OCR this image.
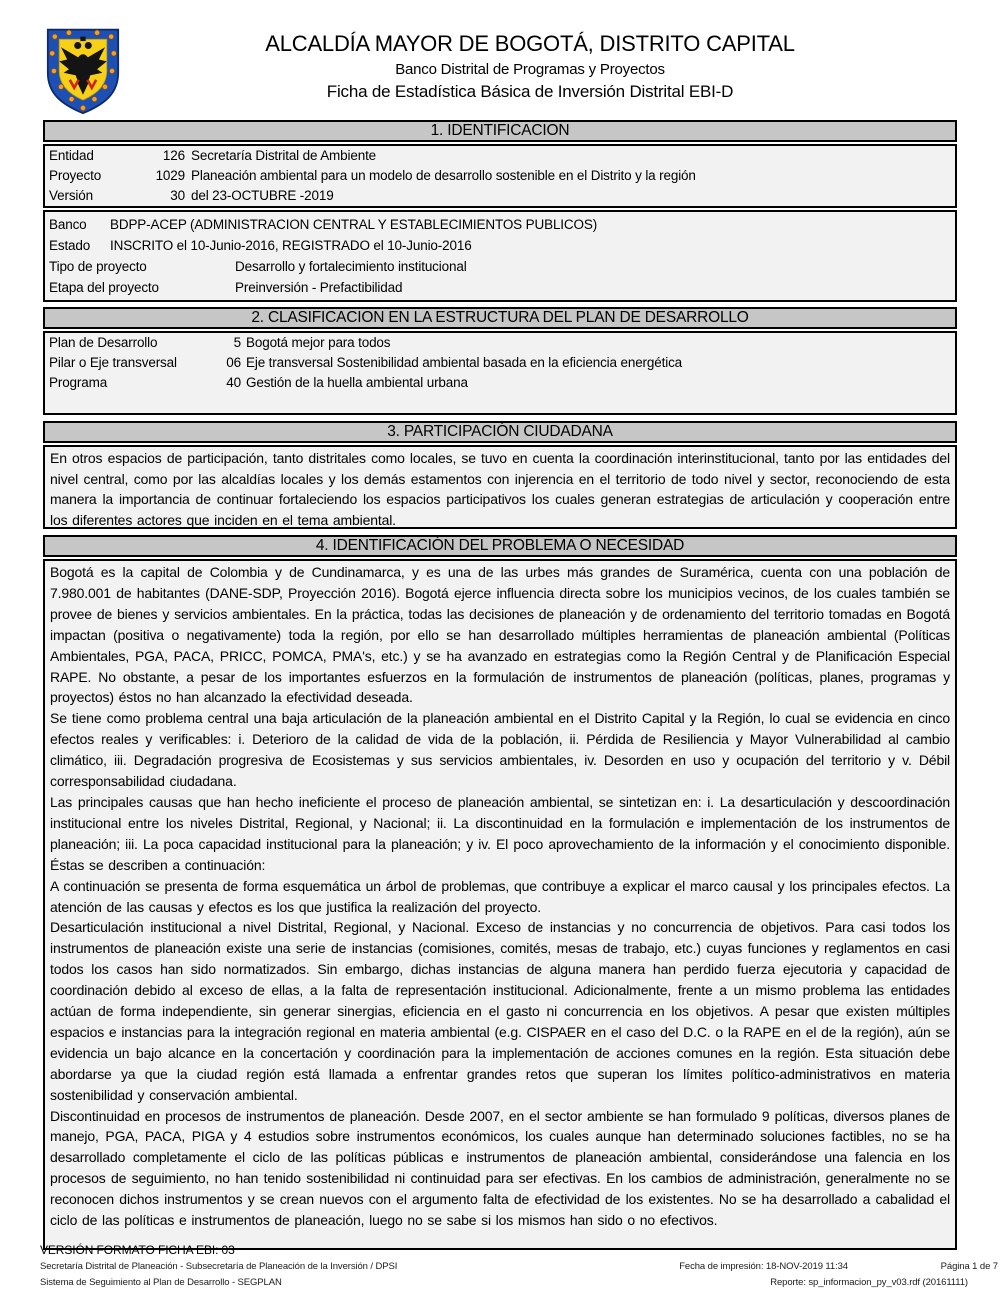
ALCALDÍA MAYOR DE BOGOTÁ, DISTRITO CAPITAL
Banco Distrital de Programas y Proyectos
Ficha de Estadística Básica de Inversión Distrital EBI-D
1. IDENTIFICACION
Entidad	126 Secretaría Distrital de Ambiente
Proyecto	1029 Planeación ambiental para un modelo de desarrollo sostenible en el Distrito y la región
Versión	30 del 23-OCTUBRE -2019
Banco	BDPP-ACEP (ADMINISTRACION CENTRAL Y ESTABLECIMIENTOS PUBLICOS)
Estado	INSCRITO el 10-Junio-2016, REGISTRADO el 10-Junio-2016
Tipo de proyecto	Desarrollo y fortalecimiento institucional
Etapa del proyecto	Preinversión - Prefactibilidad
2. CLASIFICACION EN LA ESTRUCTURA DEL PLAN DE DESARROLLO
Plan de Desarrollo	5 Bogotá mejor para todos
Pilar o Eje transversal	06 Eje transversal Sostenibilidad ambiental basada en la eficiencia energética
Programa	40 Gestión de la huella ambiental urbana
3. PARTICIPACIÓN CIUDADANA

En otros espacios de participación, tanto distritales como locales, se tuvo en cuenta la coordinación interinstitucional, tanto por las entidades del nivel central, como por las alcaldías locales y los demás estamentos con injerencia en el territorio de todo nivel y sector, reconociendo de esta manera la importancia de continuar fortaleciendo los espacios participativos los cuales generan estrategias de articulación y cooperación entre los diferentes actores que inciden en el tema ambiental.

4. IDENTIFICACIÓN DEL PROBLEMA O NECESIDAD

Bogotá es la capital de Colombia y de Cundinamarca, y es una de las urbes más grandes de Suramérica, cuenta con una población de 7.980.001 de habitantes (DANE-SDP, Proyección 2016). Bogotá ejerce influencia directa sobre los municipios vecinos, de los cuales también se provee de bienes y servicios ambientales. En la práctica, todas las decisiones de planeación y de ordenamiento del territorio tomadas en Bogotá impactan (positiva o negativamente) toda la región, por ello se han desarrollado múltiples herramientas de planeación ambiental (Políticas Ambientales, PGA, PACA, PRICC, POMCA, PMA's, etc.) y se ha avanzado en estrategias como la Región Central y de Planificación Especial RAPE. No obstante, a pesar de los importantes esfuerzos en la formulación de instrumentos de planeación (políticas, planes, programas y proyectos) éstos no han alcanzado la efectividad deseada.

Se tiene como problema central una baja articulación de la planeación ambiental en el Distrito Capital y la Región, lo cual se evidencia en cinco efectos reales y verificables: i. Deterioro de la calidad de vida de la población, ii. Pérdida de Resiliencia y Mayor Vulnerabilidad al cambio climático, iii. Degradación progresiva de Ecosistemas y sus servicios ambientales, iv. Desorden en uso y ocupación del territorio y v. Débil corresponsabilidad ciudadana.

Las principales causas que han hecho ineficiente el proceso de planeación ambiental, se sintetizan en: i. La desarticulación y descoordinación institucional entre los niveles Distrital, Regional, y Nacional; ii. La discontinuidad en la formulación e implementación de los instrumentos de planeación; iii. La poca capacidad institucional para la planeación; y iv. El poco aprovechamiento de la información y el conocimiento disponible. Éstas se describen a continuación:

A continuación se presenta de forma esquemática un árbol de problemas, que contribuye a explicar el marco causal y los principales efectos. La atención de las causas y efectos es los que justifica la realización del proyecto.

Desarticulación institucional a nivel Distrital, Regional, y Nacional. Exceso de instancias y no concurrencia de objetivos. Para casi todos los instrumentos de planeación existe una serie de instancias (comisiones, comités, mesas de trabajo, etc.) cuyas funciones y reglamentos en casi todos los casos han sido normatizados. Sin embargo, dichas instancias de alguna manera han perdido fuerza ejecutoria y capacidad de coordinación debido al exceso de ellas, a la falta de representación institucional. Adicionalmente, frente a un mismo problema las entidades actúan de forma independiente, sin generar sinergias, eficiencia en el gasto ni concurrencia en los objetivos. A pesar que existen múltiples espacios e instancias para la integración regional en materia ambiental (e.g. CISPAER en el caso del D.C. o la RAPE en el de la región), aún se evidencia un bajo alcance en la concertación y coordinación para la implementación de acciones comunes en la región. Esta situación debe abordarse ya que la ciudad región está llamada a enfrentar grandes retos que superan los límites político-administrativos en materia sostenibilidad y conservación ambiental.

Discontinuidad en procesos de instrumentos de planeación. Desde 2007, en el sector ambiente se han formulado 9 políticas, diversos planes de manejo, PGA, PACA, PIGA y 4 estudios sobre instrumentos económicos, los cuales aunque han determinado soluciones factibles, no se ha desarrollado completamente el ciclo de las políticas públicas e instrumentos de planeación ambiental, considerándose una falencia en los procesos de seguimiento, no han tenido sostenibilidad ni continuidad para ser efectivas. En los cambios de administración, generalmente no se reconocen dichos instrumentos y se crean nuevos con el argumento falta de efectividad de los existentes. No se ha desarrollado a cabalidad el ciclo de las políticas e instrumentos de planeación, luego no se sabe si los mismos han sido o no efectivos.

VERSIÓN FORMATO FICHA EBI: 03
Secretaría Distrital de Planeación - Subsecretaría de Planeación de la Inversión / DPSI	Fecha de impresión: 18-NOV-2019 11:34	Página 1 de 7
Sistema de Seguimiento al Plan de Desarrollo - SEGPLAN	Reporte: sp_informacion_py_v03.rdf (20161111)
